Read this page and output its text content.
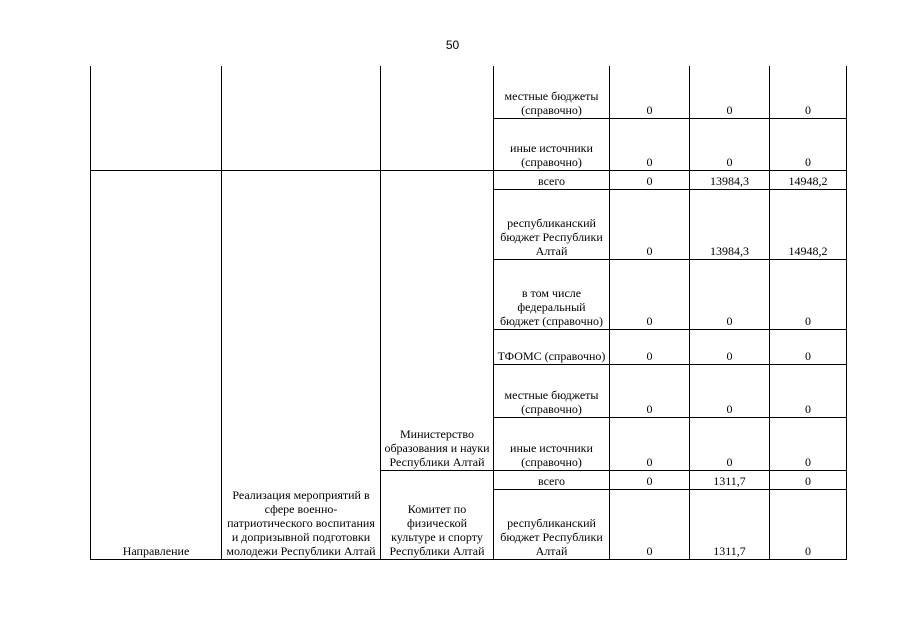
50
			местные бюджеты (справочно)	0	0	0
			иные источники (справочно)	0	0	0
Направление	Реализация мероприятий в сфере военно-патриотического воспитания и допризывной подготовки молодежи Республики Алтай	Министерство образования и науки Республики Алтай	всего	0	13984,3	14948,2
			республиканский бюджет Республики Алтай	0	13984,3	14948,2
			в том числе федеральный бюджет (справочно)	0	0	0
			ТФОМС (справочно)	0	0	0
			местные бюджеты (справочно)	0	0	0
			иные источники (справочно)	0	0	0
		Комитет по физической культуре и спорту Республики Алтай	всего	0	1311,7	0
			республиканский бюджет Республики Алтай	0	1311,7	0
